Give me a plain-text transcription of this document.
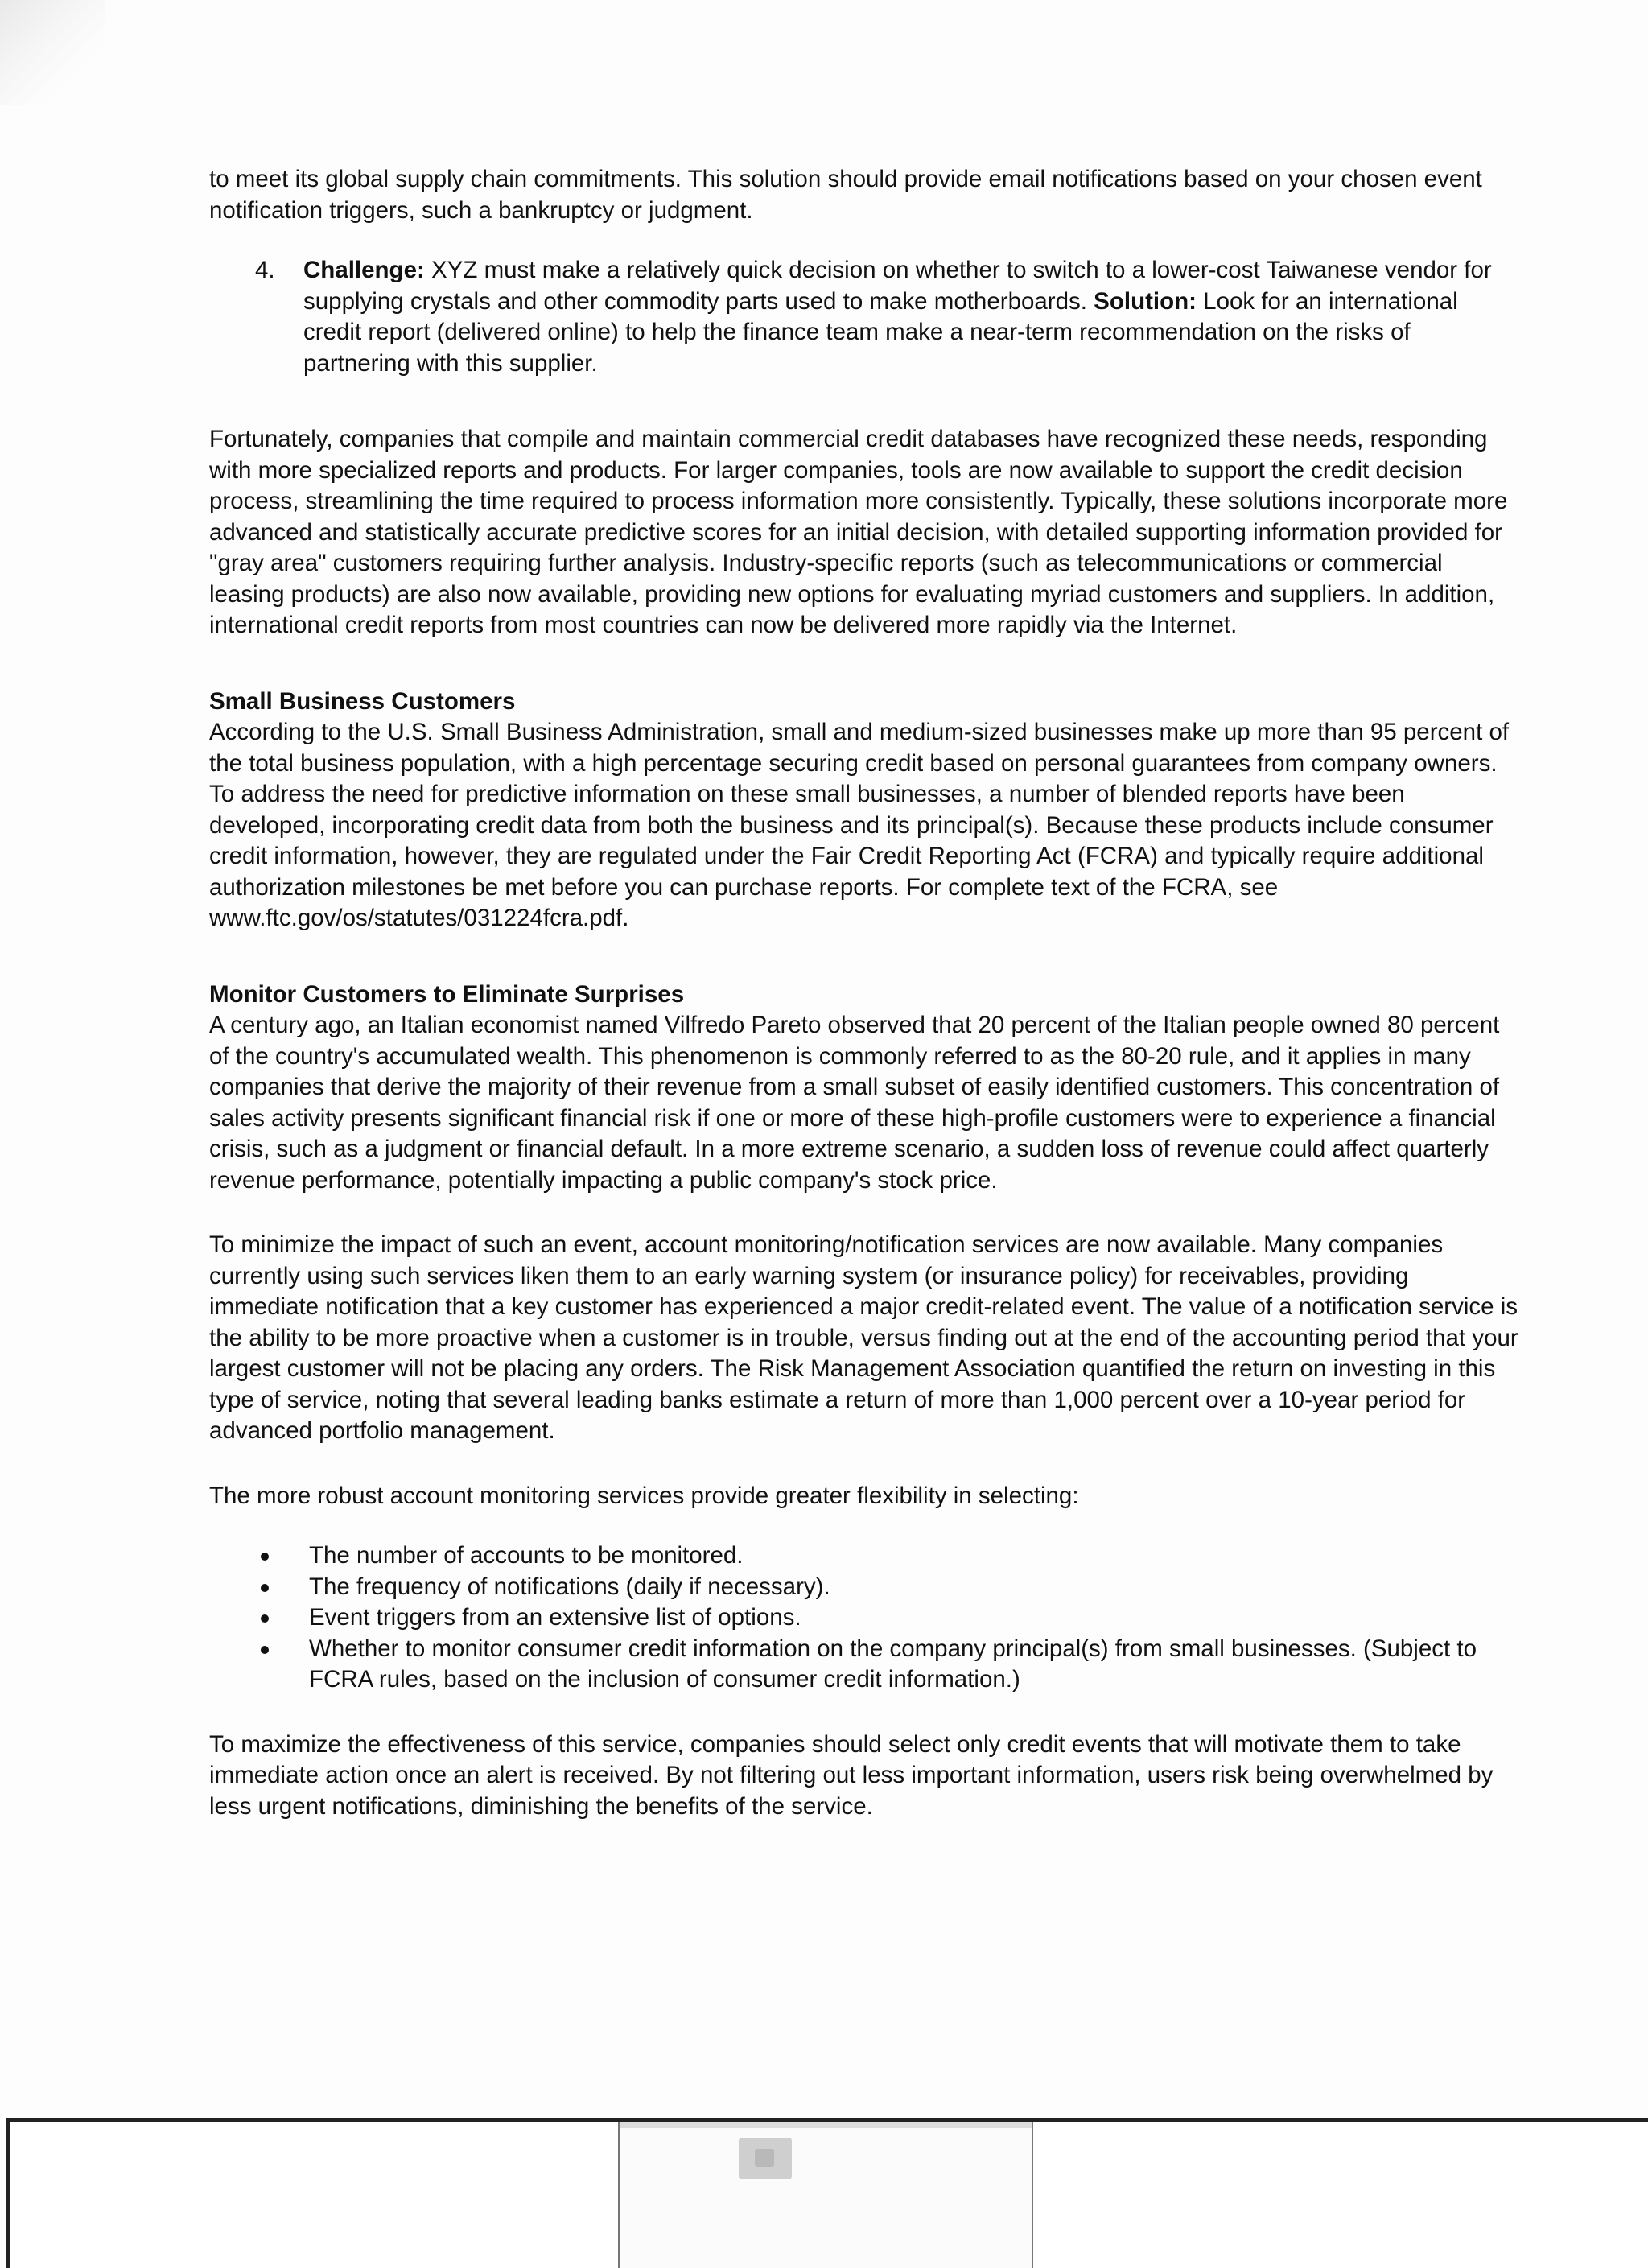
to meet its global supply chain commitments. This solution should provide email notifications based on your chosen event notification triggers, such a bankruptcy or judgment.

4. Challenge: XYZ must make a relatively quick decision on whether to switch to a lower-cost Taiwanese vendor for supplying crystals and other commodity parts used to make motherboards. Solution: Look for an international credit report (delivered online) to help the finance team make a near-term recommendation on the risks of partnering with this supplier.

Fortunately, companies that compile and maintain commercial credit databases have recognized these needs, responding with more specialized reports and products. For larger companies, tools are now available to support the credit decision process, streamlining the time required to process information more consistently. Typically, these solutions incorporate more advanced and statistically accurate predictive scores for an initial decision, with detailed supporting information provided for "gray area" customers requiring further analysis. Industry-specific reports (such as telecommunications or commercial leasing products) are also now available, providing new options for evaluating myriad customers and suppliers. In addition, international credit reports from most countries can now be delivered more rapidly via the Internet.

Small Business Customers

According to the U.S. Small Business Administration, small and medium-sized businesses make up more than 95 percent of the total business population, with a high percentage securing credit based on personal guarantees from company owners. To address the need for predictive information on these small businesses, a number of blended reports have been developed, incorporating credit data from both the business and its principal(s). Because these products include consumer credit information, however, they are regulated under the Fair Credit Reporting Act (FCRA) and typically require additional authorization milestones be met before you can purchase reports. For complete text of the FCRA, see www.ftc.gov/os/statutes/031224fcra.pdf.

Monitor Customers to Eliminate Surprises

A century ago, an Italian economist named Vilfredo Pareto observed that 20 percent of the Italian people owned 80 percent of the country's accumulated wealth. This phenomenon is commonly referred to as the 80-20 rule, and it applies in many companies that derive the majority of their revenue from a small subset of easily identified customers. This concentration of sales activity presents significant financial risk if one or more of these high-profile customers were to experience a financial crisis, such as a judgment or financial default. In a more extreme scenario, a sudden loss of revenue could affect quarterly revenue performance, potentially impacting a public company's stock price.

To minimize the impact of such an event, account monitoring/notification services are now available. Many companies currently using such services liken them to an early warning system (or insurance policy) for receivables, providing immediate notification that a key customer has experienced a major credit-related event. The value of a notification service is the ability to be more proactive when a customer is in trouble, versus finding out at the end of the accounting period that your largest customer will not be placing any orders. The Risk Management Association quantified the return on investing in this type of service, noting that several leading banks estimate a return of more than 1,000 percent over a 10-year period for advanced portfolio management.

The more robust account monitoring services provide greater flexibility in selecting:

The number of accounts to be monitored.
The frequency of notifications (daily if necessary).
Event triggers from an extensive list of options.
Whether to monitor consumer credit information on the company principal(s) from small businesses. (Subject to FCRA rules, based on the inclusion of consumer credit information.)

To maximize the effectiveness of this service, companies should select only credit events that will motivate them to take immediate action once an alert is received. By not filtering out less important information, users risk being overwhelmed by less urgent notifications, diminishing the benefits of the service.
